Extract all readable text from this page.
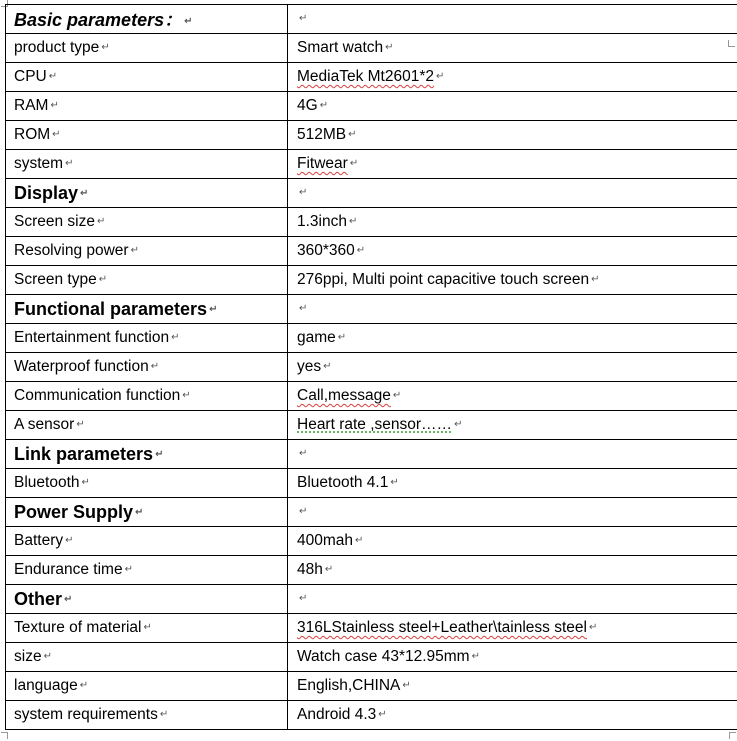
Basic parameters： ↵	↵
product type ↵	Smart watch ↵
CPU ↵	MediaTek Mt2601*2 ↵
RAM ↵	4G ↵
ROM ↵	512MB ↵
system ↵	Fitwear ↵
Display ↵	↵
Screen size ↵	1.3inch ↵
Resolving power ↵	360*360 ↵
Screen type ↵	276ppi, Multi point capacitive touch screen ↵
Functional parameters ↵	↵
Entertainment function ↵	game ↵
Waterproof function ↵	yes ↵
Communication function ↵	Call,message ↵
A sensor ↵	Heart rate ,sensor…… ↵
Link parameters ↵	↵
Bluetooth ↵	Bluetooth 4.1 ↵
Power Supply ↵	↵
Battery ↵	400mah ↵
Endurance time ↵	48h ↵
Other ↵	↵
Texture of material ↵	316LStainless steel+Leather\tainless steel ↵
size ↵	Watch case 43*12.95mm ↵
language ↵	English,CHINA ↵
system requirements ↵	Android 4.3 ↵
